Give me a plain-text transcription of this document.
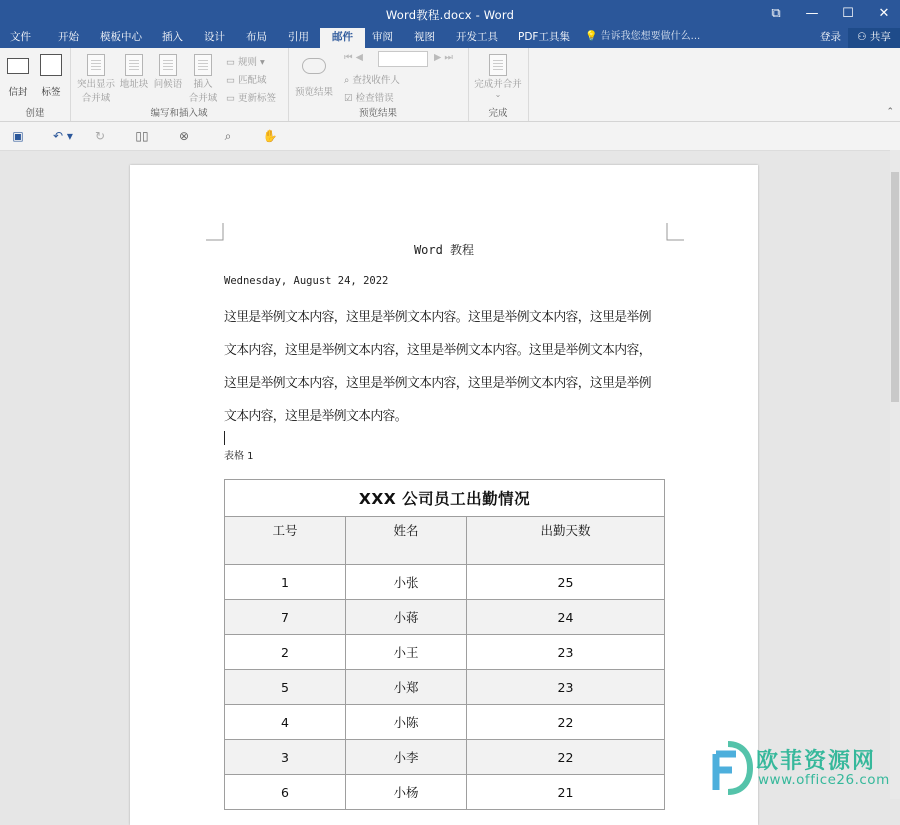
Word教程.docx - Word	⧉	—	☐	✕
文件	开始	模板中心	插入	设计	布局	引用	邮件	审阅	视图	开发工具	PDF工具集	💡 告诉我您想要做什么...	登录	⚇ 共享
信封	标签
创建
突出显示
合并域
地址块 问候语	插入
合并域
▭ 规则 ▾
▭ 匹配域
▭ 更新标签
编写和插入域
预览结果
⏮ ◀	▶ ⏭
⌕ 查找收件人
☑ 检查错误
预览结果
完成并合并
⌄
完成	⌃
▣ ↶ ▾ ↻	▯▯	⊗	⌕	✋
Word 教程
Wednesday, August 24, 2022
这里是举例文本内容，这里是举例文本内容。这里是举例文本内容，这里是举例
文本内容，这里是举例文本内容，这里是举例文本内容。这里是举例文本内容，
这里是举例文本内容，这里是举例文本内容，这里是举例文本内容，这里是举例
文本内容，这里是举例文本内容。
表格 1
XXX 公司员工出勤情况		
工号	姓名	出勤天数
1	小张	25
7	小蒋	24
2	小王	23
5	小郑	23
4	小陈	22
3	小李	22
6	小杨	21
欧菲资源网
www.office26.com
